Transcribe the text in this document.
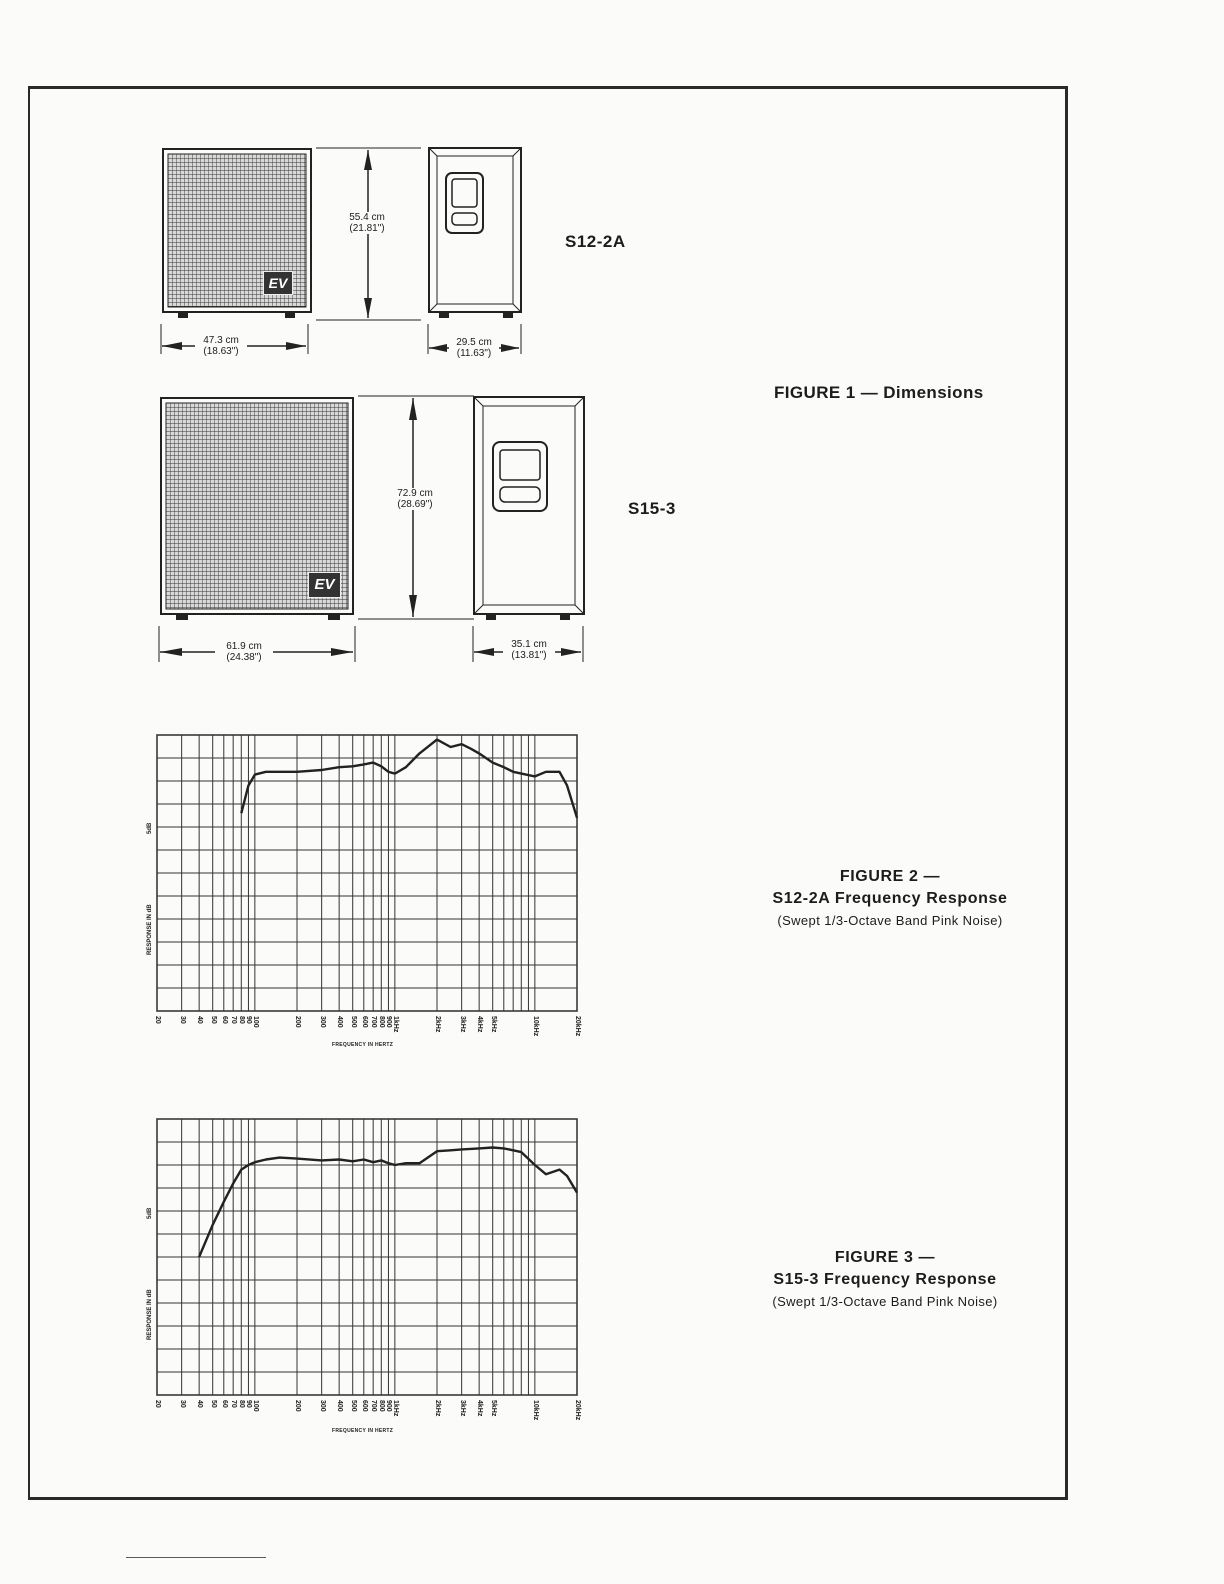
EV
55.4 cm
(21.81")
47.3 cm
(18.63")
29.5 cm
(11.63")
S12-2A
EV
72.9 cm
(28.69")
61.9 cm
(24.38")
35.1 cm
(13.81")
S15-3
FIGURE 1 — Dimensions
5dB
RESPONSE IN dB
FREQUENCY IN HERTZ
20	30 40 50 60 70 80 90 100	200	300 400 500 600 700 800 900 1kHz	2kHz	3kHz 4kHz 5kHz	10kHz	20kHz
FIGURE 2 —
S12-2A Frequency Response
(Swept 1/3-Octave Band Pink Noise)
5dB
RESPONSE IN dB
FREQUENCY IN HERTZ
20	30 40 50 60 70 80 90 100	200	300 400 500 600 700 800 900 1kHz	2kHz	3kHz 4kHz 5kHz	10kHz	20kHz
FIGURE 3 —
S15-3 Frequency Response
(Swept 1/3-Octave Band Pink Noise)
